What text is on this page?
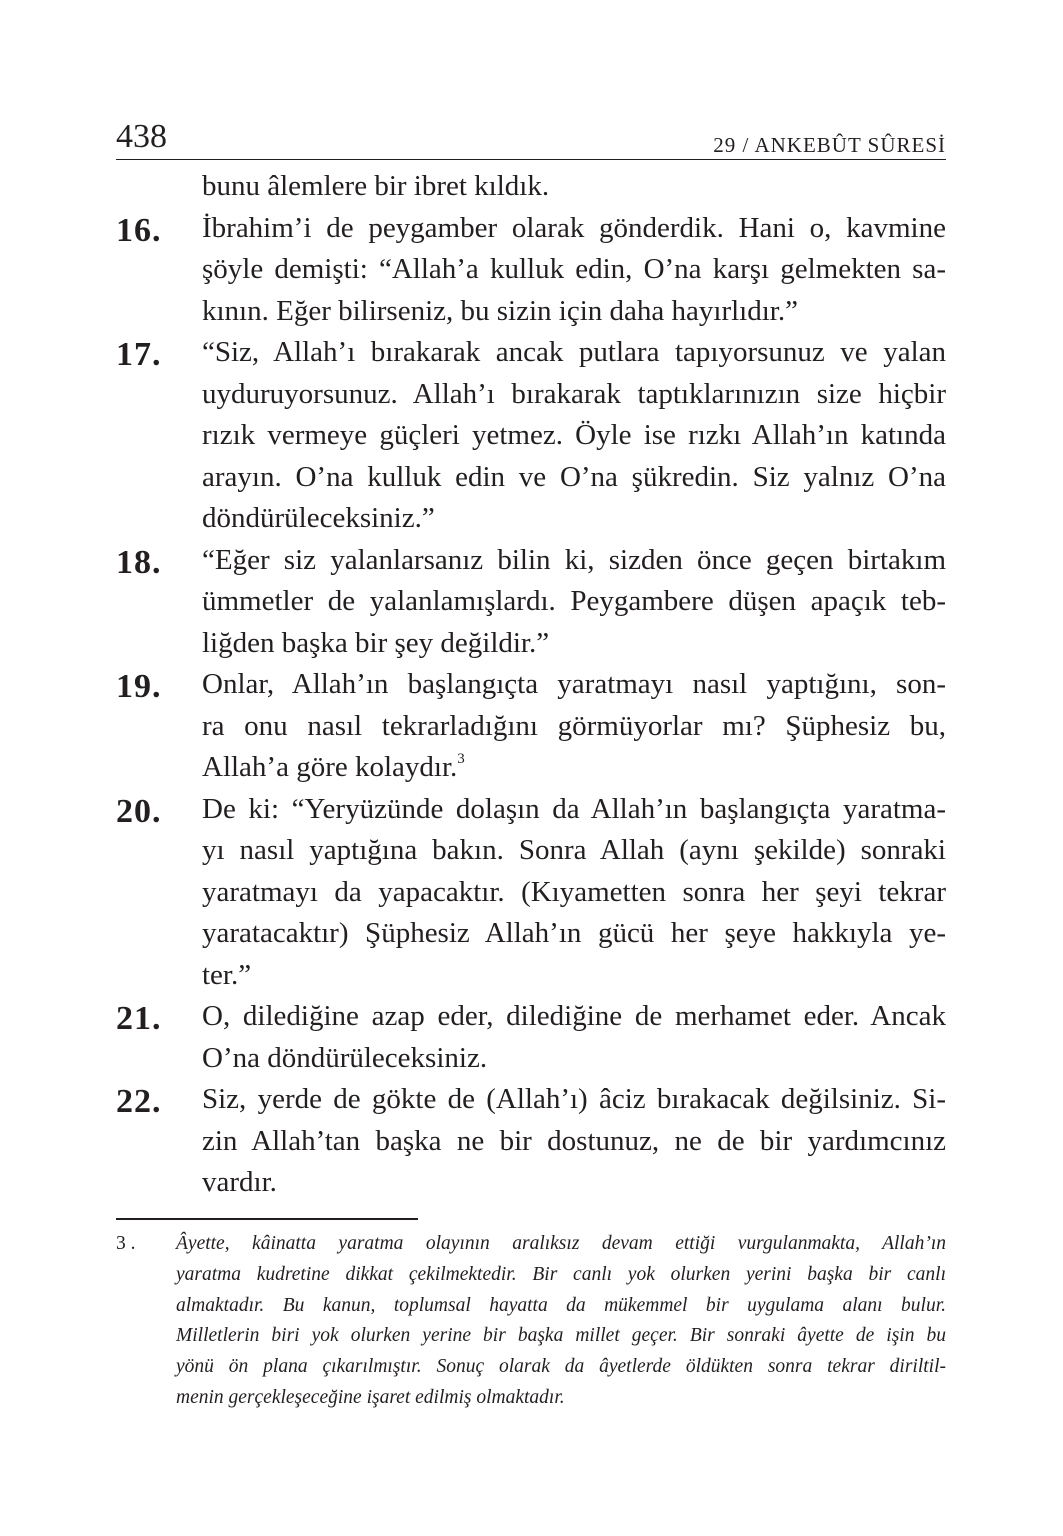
438	29 / ANKEBÛT SÛRESİ
bunu âlemlere bir ibret kıldık.
16. İbrahim’i de peygamber olarak gönderdik. Hani o, kavmine
şöyle demişti: “Allah’a kulluk edin, O’na karşı gelmekten sa-
kının. Eğer bilirseniz, bu sizin için daha hayırlıdır.”
17. “Siz, Allah’ı bırakarak ancak putlara tapıyorsunuz ve yalan
uyduruyorsunuz. Allah’ı bırakarak taptıklarınızın size hiçbir
rızık vermeye güçleri yetmez. Öyle ise rızkı Allah’ın katında
arayın. O’na kulluk edin ve O’na şükredin. Siz yalnız O’na
döndürüleceksiniz.”
18. “Eğer siz yalanlarsanız bilin ki, sizden önce geçen birtakım
ümmetler de yalanlamışlardı. Peygambere düşen apaçık teb-
liğden başka bir şey değildir.”
19. Onlar, Allah’ın başlangıçta yaratmayı nasıl yaptığını, son-
ra onu nasıl tekrarladığını görmüyorlar mı? Şüphesiz bu,
Allah’a göre kolaydır.$^3$
20. De ki: “Yeryüzünde dolaşın da Allah’ın başlangıçta yaratma-
yı nasıl yaptığına bakın. Sonra Allah (aynı şekilde) sonraki
yaratmayı da yapacaktır. (Kıyametten sonra her şeyi tekrar
yaratacaktır) Şüphesiz Allah’ın gücü her şeye hakkıyla ye-
ter.”
21. O, dilediğine azap eder, dilediğine de merhamet eder. Ancak
O’na döndürüleceksiniz.
22. Siz, yerde de gökte de (Allah’ı) âciz bırakacak değilsiniz. Si-
zin Allah’tan başka ne bir dostunuz, ne de bir yardımcınız
vardır.
3 . Âyette, kâinatta yaratma olayının aralıksız devam ettiği vurgulanmakta, Allah’ın
yaratma kudretine dikkat çekilmektedir. Bir canlı yok olurken yerini başka bir canlı
almaktadır. Bu kanun, toplumsal hayatta da mükemmel bir uygulama alanı bulur.
Milletlerin biri yok olurken yerine bir başka millet geçer. Bir sonraki âyette de işin bu
yönü ön plana çıkarılmıştır. Sonuç olarak da âyetlerde öldükten sonra tekrar diriltil-
menin gerçekleşeceğine işaret edilmiş olmaktadır.
